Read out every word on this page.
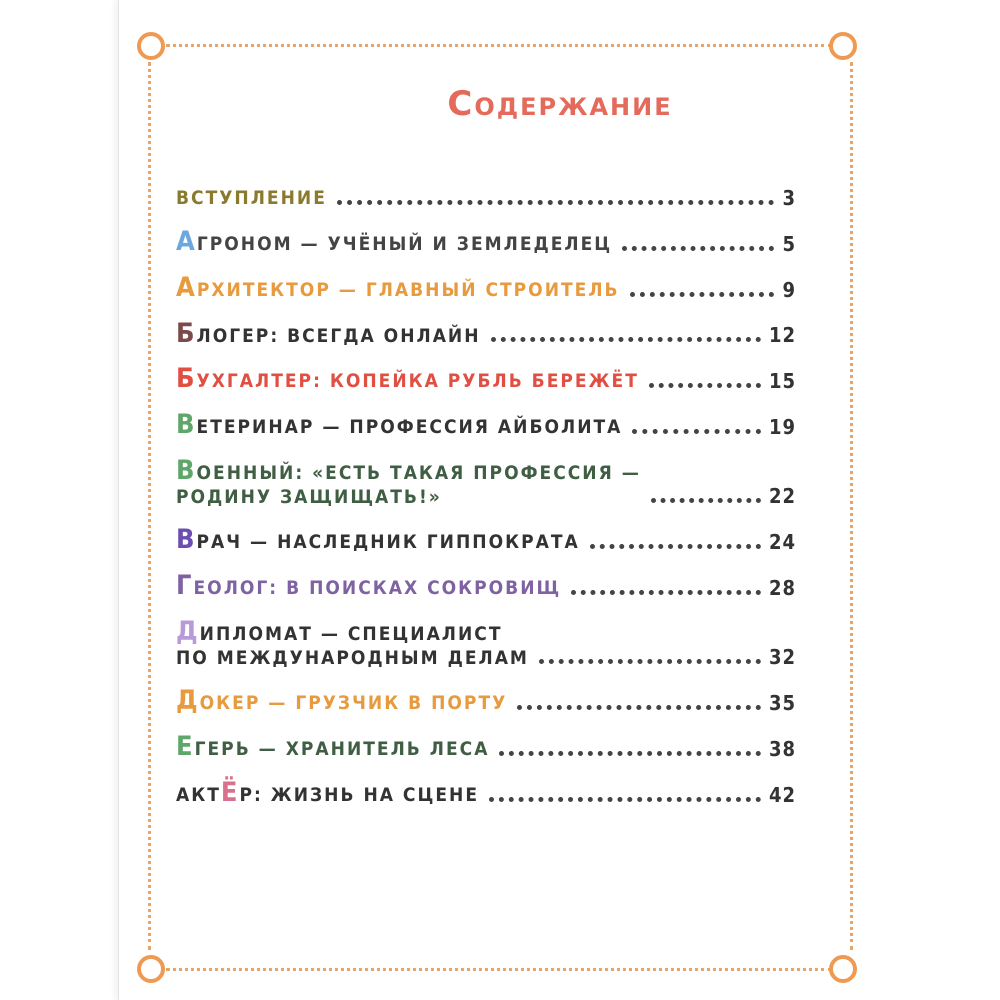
Содержание
ВСТУПЛЕНИЕ	3
АГРОНОМ — УЧЁНЫЙ И ЗЕМЛЕДЕЛЕЦ	5
АРХИТЕКТОР — ГЛАВНЫЙ СТРОИТЕЛЬ	9
БЛОГЕР: ВСЕГДА ОНЛАЙН	12
БУХГАЛТЕР: КОПЕЙКА РУБЛЬ БЕРЕЖЁТ	15
ВЕТЕРИНАР — ПРОФЕССИЯ АЙБОЛИТА	19
ВОЕННЫЙ: «ЕСТЬ ТАКАЯ ПРОФЕССИЯ —
РОДИНУ ЗАЩИЩАТЬ!»	22
ВРАЧ — НАСЛЕДНИК ГИППОКРАТА	24
ГЕОЛОГ: В ПОИСКАХ СОКРОВИЩ	28
ДИПЛОМАТ — СПЕЦИАЛИСТ
ПО МЕЖДУНАРОДНЫМ ДЕЛАМ	32
ДОКЕР — ГРУЗЧИК В ПОРТУ	35
ЕГЕРЬ — ХРАНИТЕЛЬ ЛЕСА	38
АКТЁР: ЖИЗНЬ НА СЦЕНЕ	42
